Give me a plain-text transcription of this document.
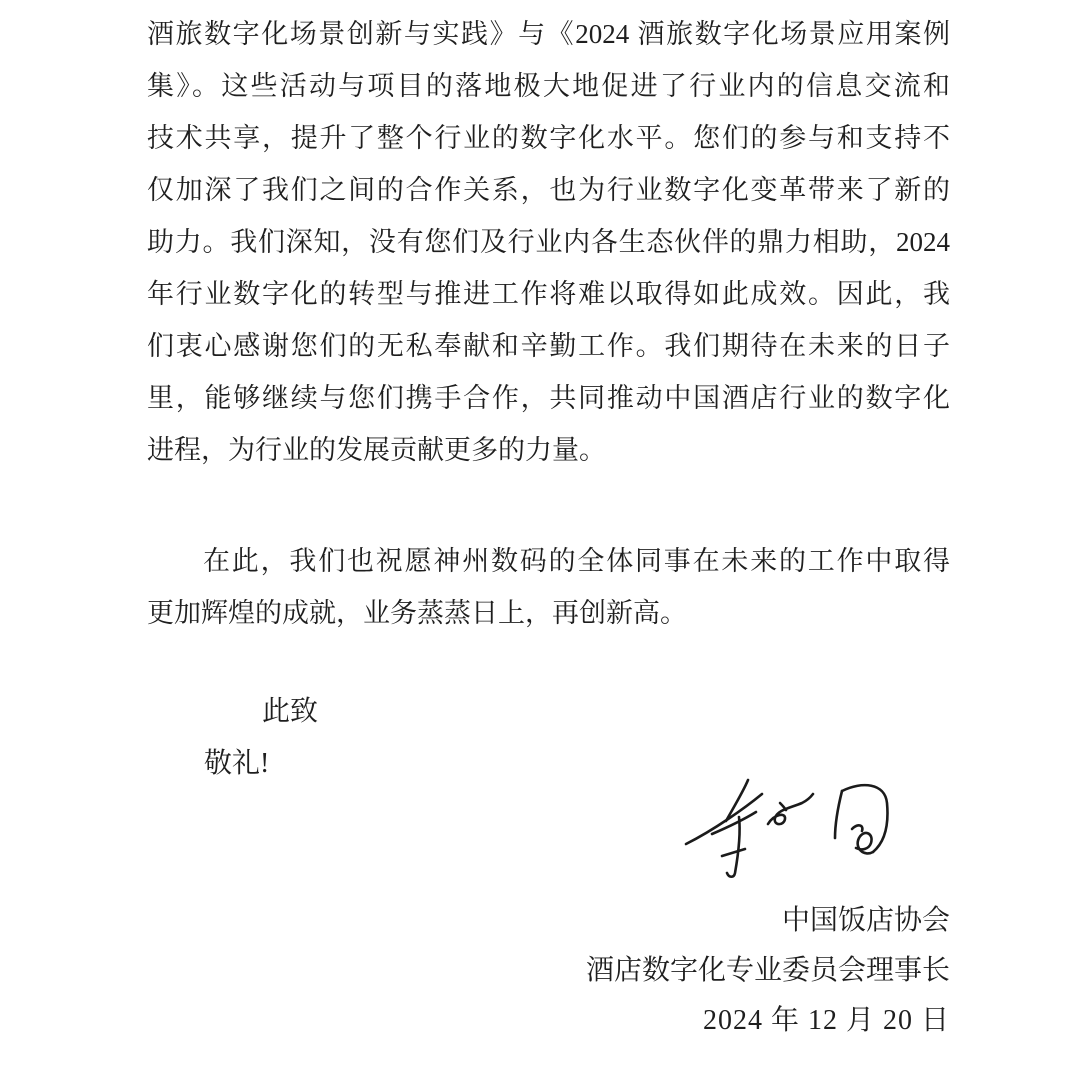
酒旅数字化场景创新与实践》与《2024 酒旅数字化场景应用案例
集》。这些活动与项目的落地极大地促进了行业内的信息交流和
技术共享，提升了整个行业的数字化水平。您们的参与和支持不
仅加深了我们之间的合作关系，也为行业数字化变革带来了新的
助力。我们深知，没有您们及行业内各生态伙伴的鼎力相助，2024
年行业数字化的转型与推进工作将难以取得如此成效。因此，我
们衷心感谢您们的无私奉献和辛勤工作。我们期待在未来的日子
里，能够继续与您们携手合作，共同推动中国酒店行业的数字化
进程，为行业的发展贡献更多的力量。
在此，我们也祝愿神州数码的全体同事在未来的工作中取得
更加辉煌的成就，业务蒸蒸日上，再创新高。
此致
敬礼!
中国饭店协会
酒店数字化专业委员会理事长
2024 年 12 月 20 日
